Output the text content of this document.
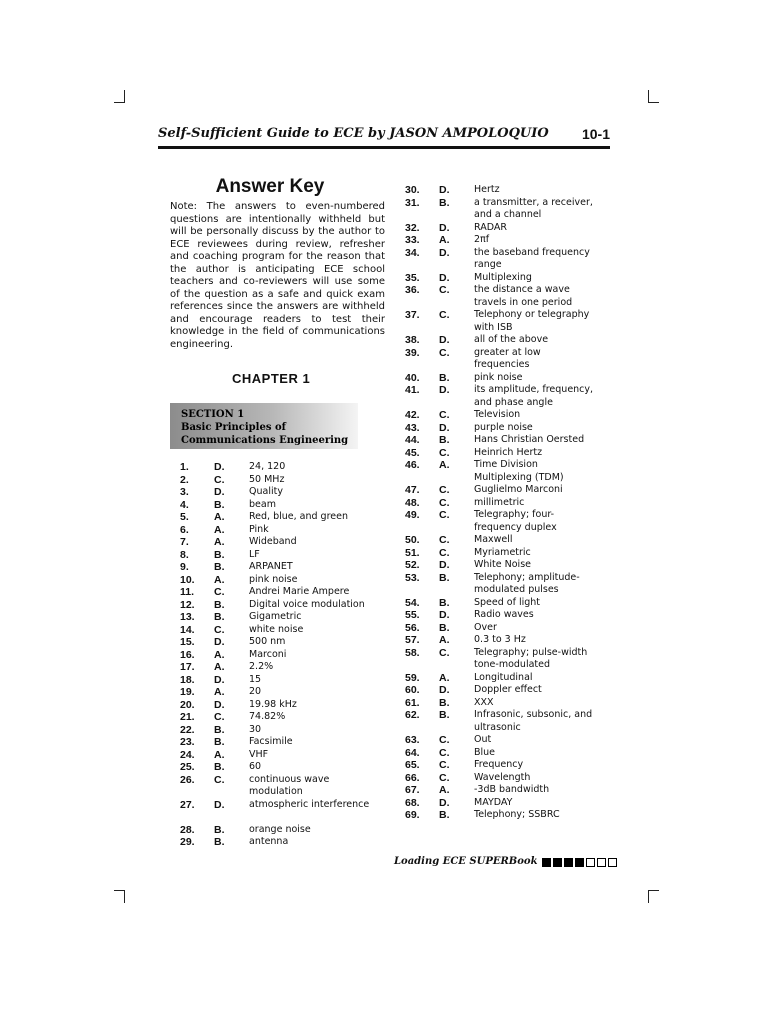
Self-Sufficient Guide to ECE by JASON AMPOLOQUIO 10-1
Answer Key
Note: The answers to even-numbered questions are intentionally withheld but will be personally discuss by the author to ECE reviewees during review, refresher and coaching program for the reason that the author is anticipating ECE school teachers and co-reviewers will use some of the question as a safe and quick exam references since the answers are withheld and encourage readers to test their knowledge in the field of communications engineering.
CHAPTER 1
SECTION 1
Basic Principles of
Communications Engineering
1. D.	24, 120
2. C.	50 MHz
3. D.	Quality
4. B.	beam
5. A.	Red, blue, and green
6. A.	Pink
7. A.	Wideband
8. B.	LF
9. B.	ARPANET
10. A.	pink noise
11. C.	Andrei Marie Ampere
12. B.	Digital voice modulation
13. B.	Gigametric
14. C.	white noise
15. D.	500 nm
16. A.	Marconi
17. A.	2.2%
18. D.	15
19. A.	20
20. D.	19.98 kHz
21. C.	74.82%
22. B.	30
23. B.	Facsimile
24. A.	VHF
25. B.	60
26. C.	continuous wave modulation
27. D.	atmospheric interference
28. B.	orange noise
29. B.	antenna
30. D.	Hertz
31. B.	a transmitter, a receiver, and a channel
32. D.	RADAR
33. A.	2πf
34. D.	the baseband frequency range
35. D.	Multiplexing
36. C.	the distance a wave travels in one period
37. C.	Telephony or telegraphy with ISB
38. D.	all of the above
39. C.	greater at low frequencies
40. B.	pink noise
41. D.	its amplitude, frequency, and phase angle
42. C.	Television
43. D.	purple noise
44. B.	Hans Christian Oersted
45. C.	Heinrich Hertz
46. A.	Time Division Multiplexing (TDM)
47. C.	Guglielmo Marconi
48. C.	millimetric
49. C.	Telegraphy; four-frequency duplex
50. C.	Maxwell
51. C.	Myriametric
52. D.	White Noise
53. B.	Telephony; amplitude-modulated pulses
54. B.	Speed of light
55. D.	Radio waves
56. B.	Over
57. A.	0.3 to 3 Hz
58. C.	Telegraphy; pulse-width tone-modulated
59. A.	Longitudinal
60. D.	Doppler effect
61. B.	XXX
62. B.	Infrasonic, subsonic, and ultrasonic
63. C.	Out
64. C.	Blue
65. C.	Frequency
66. C.	Wavelength
67. A.	-3dB bandwidth
68. D.	MAYDAY
69. B.	Telephony; SSBRC
Loading ECE SUPERBook
